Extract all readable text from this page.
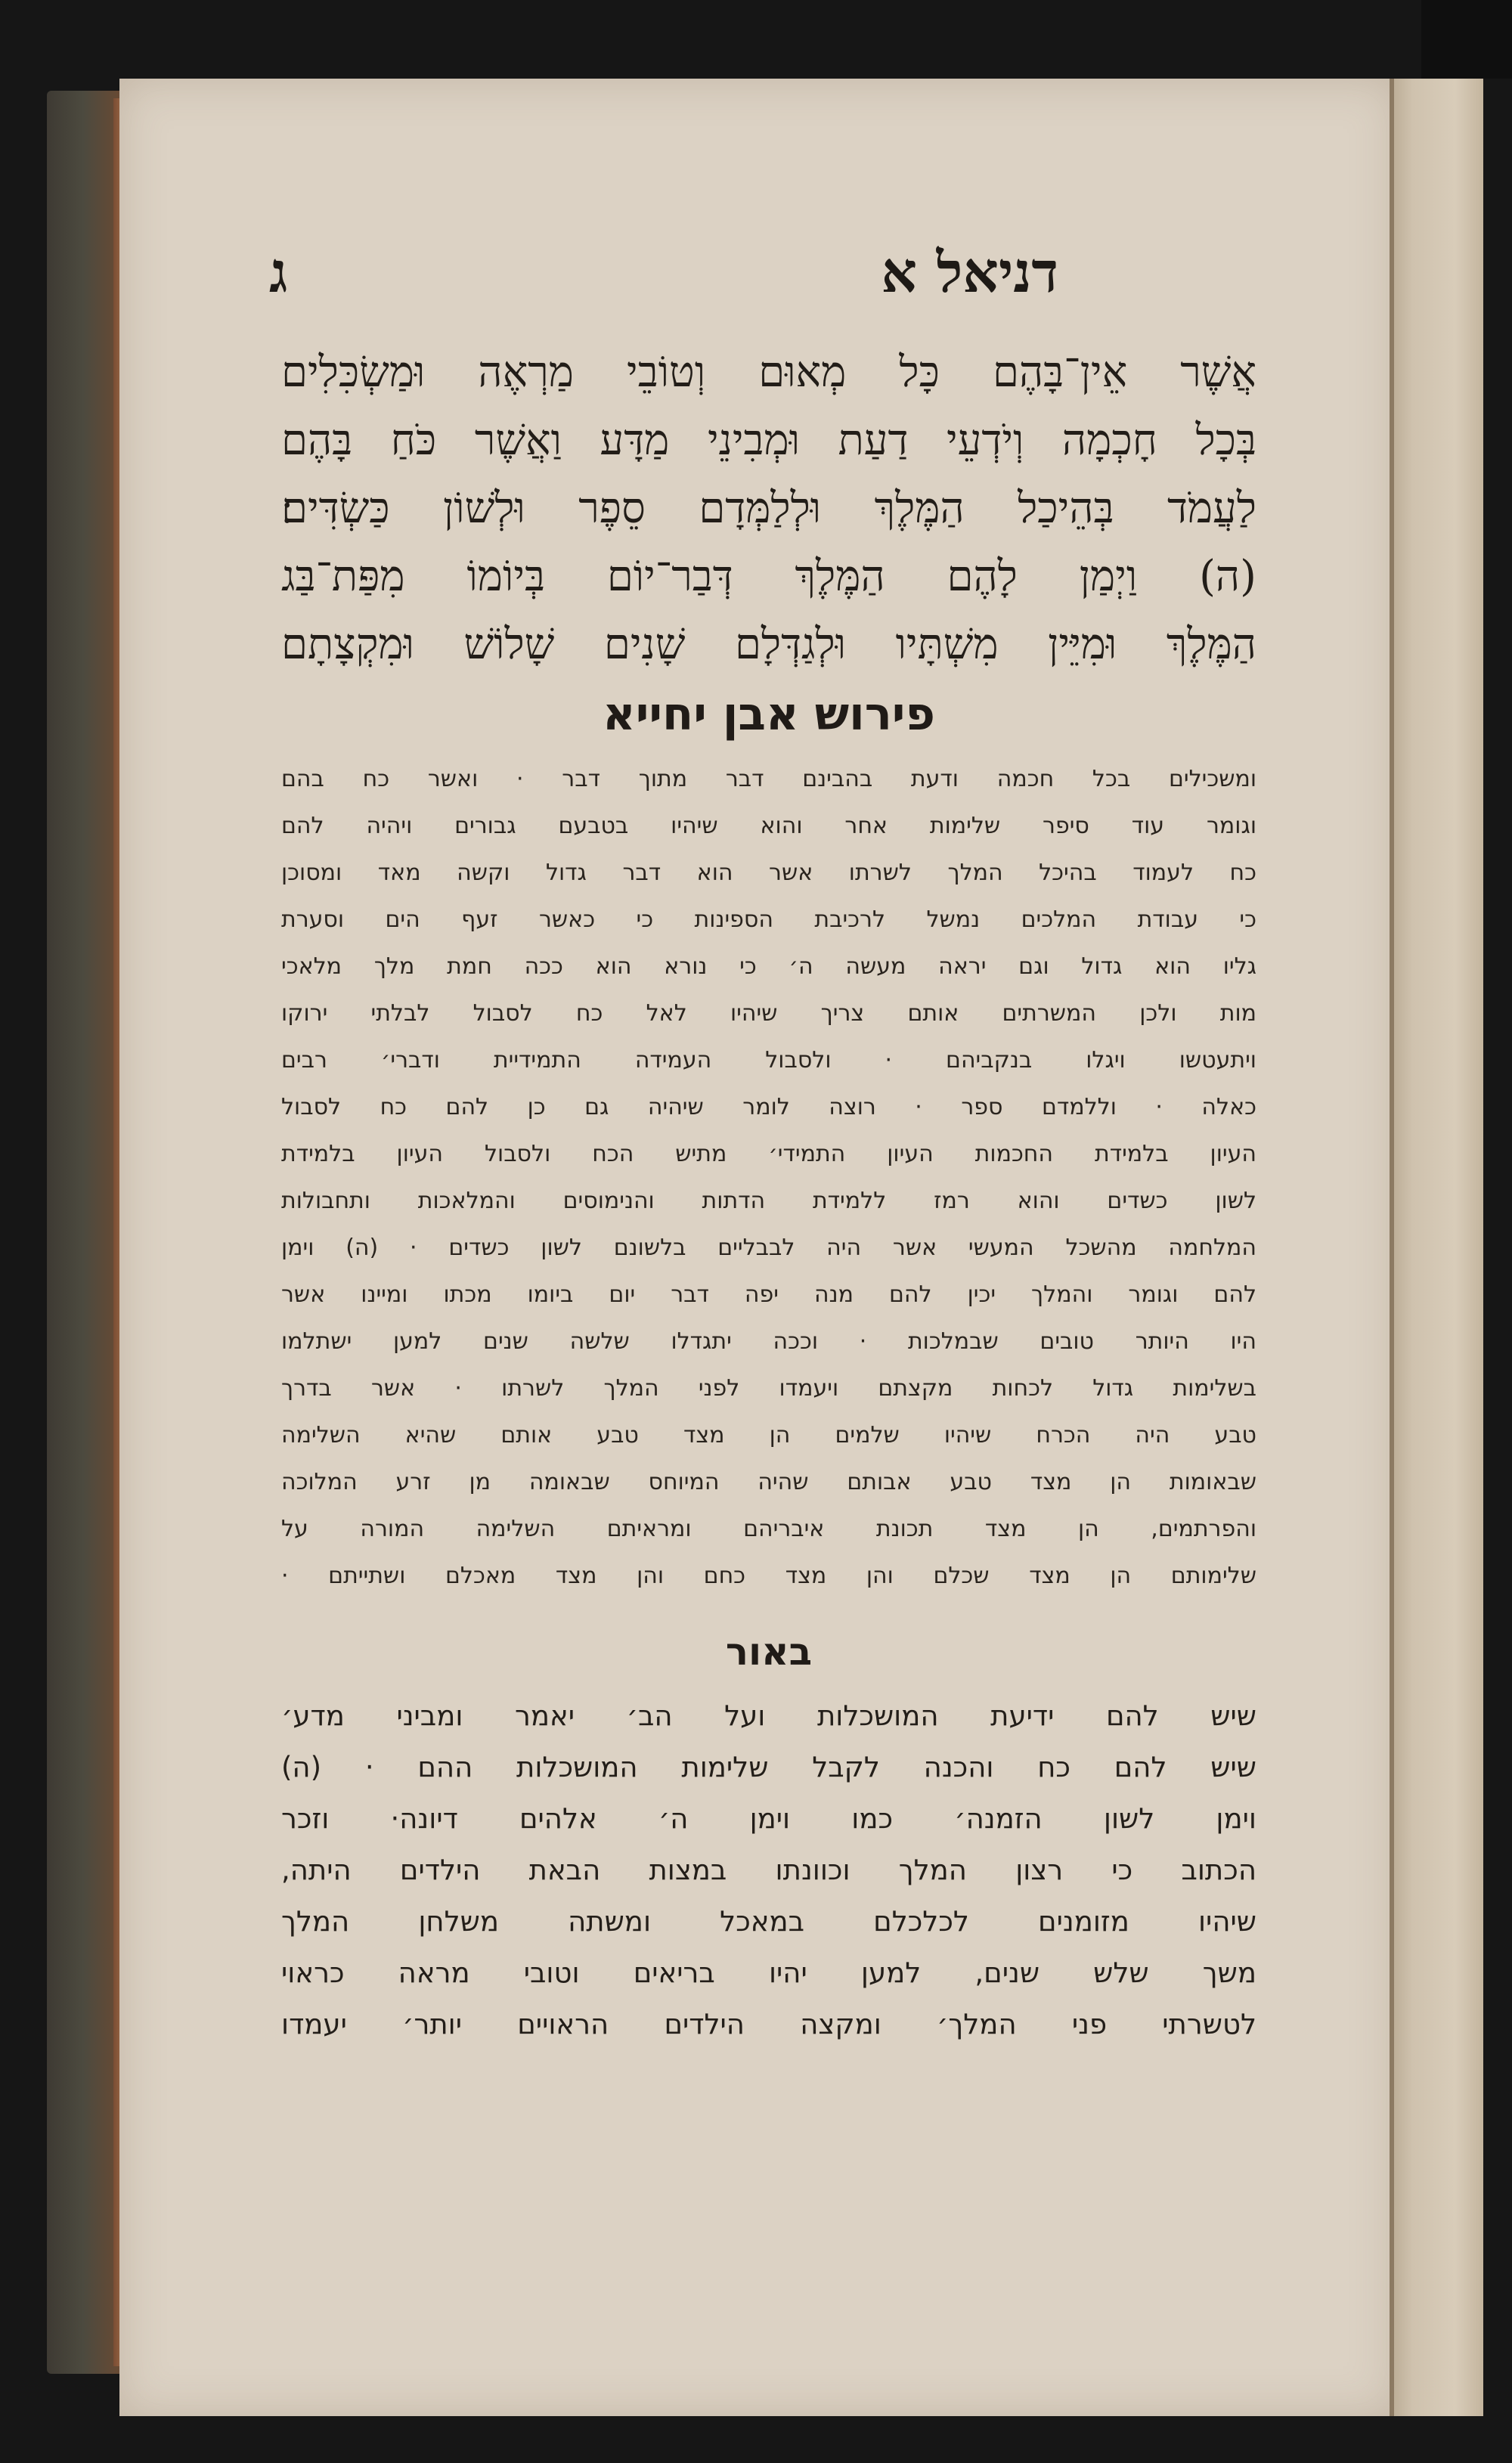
דניאל א
ג
אֲשֶׁר אֵין־בָּהֶם כָּל מְאוּם וְטוֹבֵי מַרְאֶה וּמַשְׂכִּלִים
בְּכָל חָכְמָה וְיֹדְעֵי דַעַת וּמְבִינֵי מַדָּע וַאֲשֶׁר כֹּחַ בָּהֶם
לַעֲמֹד בְּהֵיכַל הַמֶּלֶךְ וּלְלַמְּדָם סֵפֶר וּלְשׁוֹן כַּשְׂדִּים׃
(ה) וַיְמַן לָהֶם הַמֶּלֶךְ דְּבַר־יוֹם בְּיוֹמוֹ מִפַּת־בַּג
הַמֶּלֶךְ וּמִיֵּין מִשְׁתָּיו וּלְגַדְּלָם שָׁנִים שָׁלוֹשׁ וּמִקְצָתָם
פירוש אבן יחייא
ומשכילים בכל חכמה ודעת בהבינם דבר מתוך דבר · ואשר כח בהם
וגומר עוד סיפר שלימות אחר והוא שיהיו בטבעם גבורים ויהיה להם
כח לעמוד בהיכל המלך לשרתו אשר הוא דבר גדול וקשה מאד ומסוכן
כי עבודת המלכים נמשל לרכיבת הספינות כי כאשר זעף הים וסערת
גליו הוא גדול וגם יראה מעשה ה׳ כי נורא הוא ככה חמת מלך מלאכי
מות ולכן המשרתים אותם צריך שיהיו לאל כח לסבול לבלתי ירוקו
ויתעטשו ויגלו בנקביהם · ולסבול העמידה התמידיית ודברי׳ רבים
כאלה · וללמדם ספר · רוצה לומר שיהיה גם כן להם כח לסבול
העיון בלמידת החכמות העיון התמידי׳ מתיש הכח ולסבול העיון בלמידת
לשון כשדים והוא רמז ללמידת הדתות והנימוסים והמלאכות ותחבולות
המלחמה מהשכל המעשי אשר היה לבבליים בלשונם לשון כשדים · (ה) וימן
להם וגומר והמלך יכין להם מנה יפה דבר יום ביומו מכתו ומיינו אשר
היו היותר טובים שבמלכות · וככה יתגדלו שלשה שנים למען ישתלמו
בשלימות גדול לכחות מקצתם ויעמדו לפני המלך לשרתו · אשר בדרך
טבע היה הכרח שיהיו שלמים הן מצד טבע אותם שהיא השלימה
שבאומות הן מצד טבע אבותם שהיה המיוחס שבאומה מן זרע המלוכה
והפרתמים, הן מצד תכונת איבריהם ומראיתם השלימה המורה על
שלימותם הן מצד שכלם והן מצד כחם והן מצד מאכלם ושתייתם ·
באור
שיש להם ידיעת המושכלות ועל הב׳ יאמר ומביני מדע׳
שיש להם כח והכנה לקבל שלימות המושכלות ההם · (ה)
וימן לשון הזמנה׳ כמו וימן ה׳ אלהים דיונה· וזכר
הכתוב כי רצון המלך וכוונתו במצות הבאת הילדים היתה,
שיהיו מזומנים לכלכלם במאכל ומשתה משלחן המלך
משך שלש שנים, למען יהיו בריאים וטובי מראה כראוי
לטשרתי פני המלך׳ ומקצה הילדים הראויים יותר׳ יעמדו
